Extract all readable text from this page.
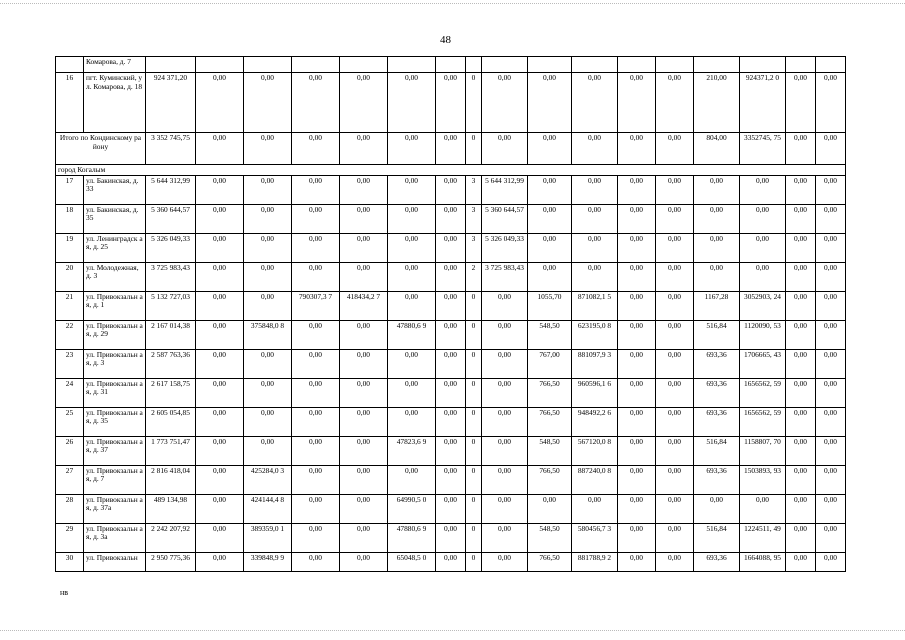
48
	Комарова, д. 7																	
16	пгт. Куминский, ул. Комарова, д. 18	924 371,20	0,00	0,00	0,00	0,00	0,00	0,00	0	0,00	0,00	0,00	0,00	0,00	210,00	924371,2 0	0,00	0,00
Итого по Кондинскому району		3 352 745,75	0,00	0,00	0,00	0,00	0,00	0,00	0	0,00	0,00	0,00	0,00	0,00	804,00	3352745, 75	0,00	0,00
город Когалым																		
17	ул. Бакинская, д. 33	5 644 312,99	0,00	0,00	0,00	0,00	0,00	0,00	3	5 644 312,99	0,00	0,00	0,00	0,00	0,00	0,00	0,00	0,00
18	ул. Бакинская, д. 35	5 360 644,57	0,00	0,00	0,00	0,00	0,00	0,00	3	5 360 644,57	0,00	0,00	0,00	0,00	0,00	0,00	0,00	0,00
19	ул. Ленинградск ая, д. 25	5 326 049,33	0,00	0,00	0,00	0,00	0,00	0,00	3	5 326 049,33	0,00	0,00	0,00	0,00	0,00	0,00	0,00	0,00
20	ул. Молодежная, д. 3	3 725 983,43	0,00	0,00	0,00	0,00	0,00	0,00	2	3 725 983,43	0,00	0,00	0,00	0,00	0,00	0,00	0,00	0,00
21	ул. Привокзальн ая, д. 1	5 132 727,03	0,00	0,00	790307,3 7	418434,2 7	0,00	0,00	0	0,00	1055,70	871082,1 5	0,00	0,00	1167,28	3052903, 24	0,00	0,00
22	ул. Привокзальн ая, д. 29	2 167 014,38	0,00	375848,0 8	0,00	0,00	47880,6 9	0,00	0	0,00	548,50	623195,0 8	0,00	0,00	516,84	1120090, 53	0,00	0,00
23	ул. Привокзальн ая, д. 3	2 587 763,36	0,00	0,00	0,00	0,00	0,00	0,00	0	0,00	767,00	881097,9 3	0,00	0,00	693,36	1706665, 43	0,00	0,00
24	ул. Привокзальн ая, д. 31	2 617 158,75	0,00	0,00	0,00	0,00	0,00	0,00	0	0,00	766,50	960596,1 6	0,00	0,00	693,36	1656562, 59	0,00	0,00
25	ул. Привокзальн ая, д. 35	2 605 054,85	0,00	0,00	0,00	0,00	0,00	0,00	0	0,00	766,50	948492,2 6	0,00	0,00	693,36	1656562, 59	0,00	0,00
26	ул. Привокзальн ая, д. 37	1 773 751,47	0,00	0,00	0,00	0,00	47823,6 9	0,00	0	0,00	548,50	567120,0 8	0,00	0,00	516,84	1158807, 70	0,00	0,00
27	ул. Привокзальн ая, д. 7	2 816 418,04	0,00	425284,0 3	0,00	0,00	0,00	0,00	0	0,00	766,50	887240,0 8	0,00	0,00	693,36	1503893, 93	0,00	0,00
28	ул. Привокзальн ая, д. 37а	489 134,98	0,00	424144,4 8	0,00	0,00	64990,5 0	0,00	0	0,00	0,00	0,00	0,00	0,00	0,00	0,00	0,00	0,00
29	ул. Привокзальн ая, д. 3а	2 242 207,92	0,00	389359,0 1	0,00	0,00	47880,6 9	0,00	0	0,00	548,50	580456,7 3	0,00	0,00	516,84	1224511, 49	0,00	0,00
30	ул. Привокзальн	2 950 775,36	0,00	339848,9 9	0,00	0,00	65048,5 0	0,00	0	0,00	766,50	881788,9 2	0,00	0,00	693,36	1664088, 95	0,00	0,00
нв
